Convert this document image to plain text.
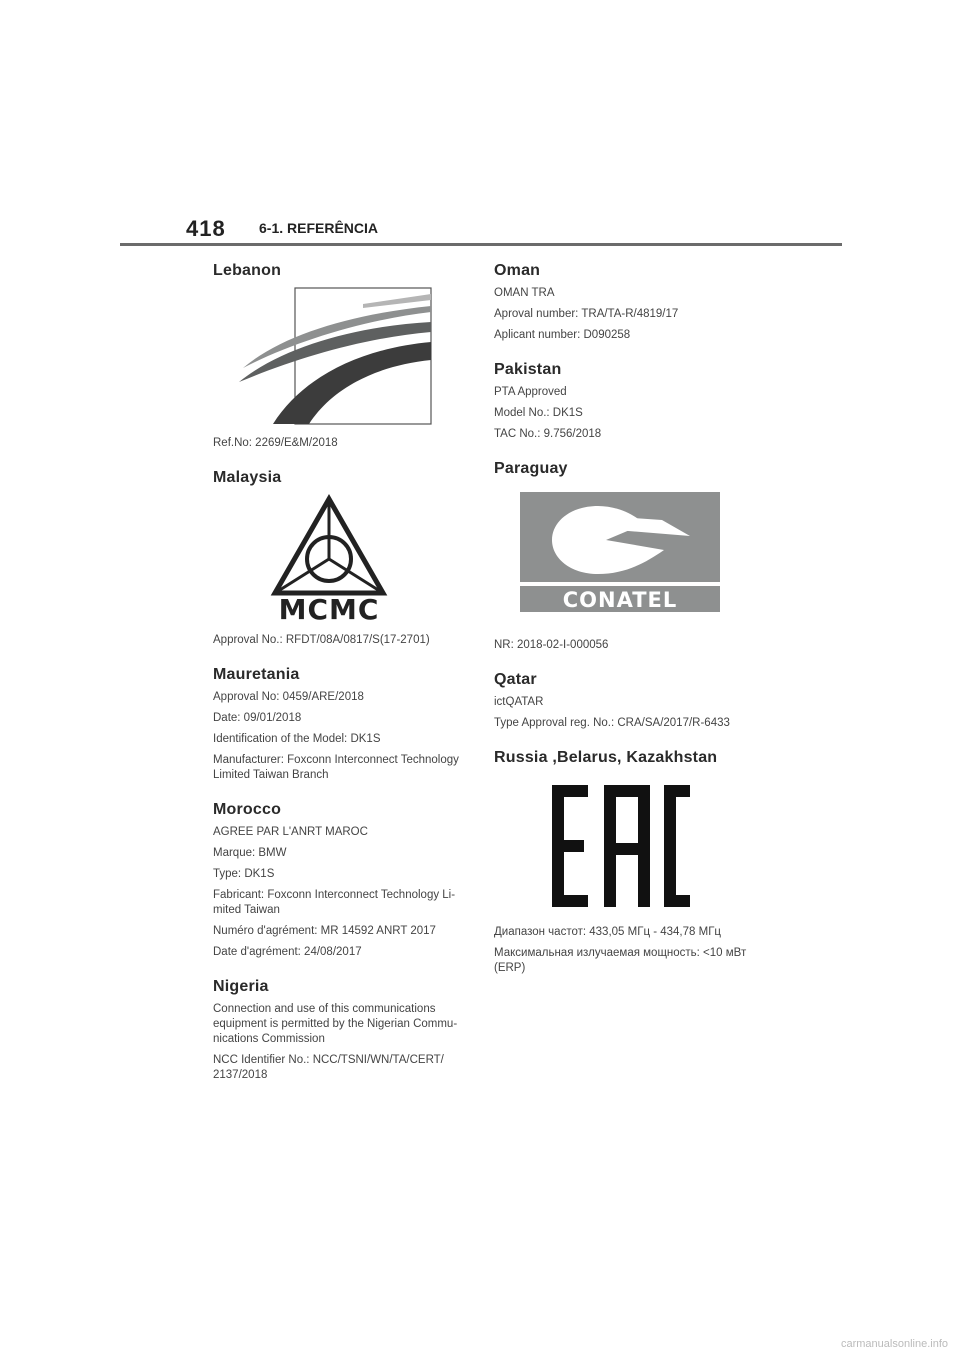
418 6-1. REFERÊNCIA
Lebanon

Ref.No: 2269/E&M/2018

Malaysia
MCMC

Approval No.: RFDT/08A/0817/S(17-2701)

Mauretania

Approval No: 0459/ARE/2018

Date: 09/01/2018

Identification of the Model: DK1S

Manufacturer: Foxconn Interconnect Technology Limited Taiwan Branch

Morocco

AGREE PAR L'ANRT MAROC

Marque: BMW

Type: DK1S

Fabricant: Foxconn Interconnect Technology Li-mited Taiwan

Numéro d'agrément: MR 14592 ANRT 2017

Date d'agrément: 24/08/2017

Nigeria

Connection and use of this communications equipment is permitted by the Nigerian Commu-nications Commission

NCC Identifier No.: NCC/TSNI/WN/TA/CERT/ 2137/2018

Oman

OMAN TRA

Aproval number: TRA/TA-R/4819/17

Aplicant number: D090258

Pakistan

PTA Approved

Model No.: DK1S

TAC No.: 9.756/2018

Paraguay
CONATEL

NR: 2018-02-I-000056

Qatar

ictQATAR

Type Approval reg. No.: CRA/SA/2017/R-6433

Russia ,Belarus, Kazakhstan

Диапазон частот: 433,05 МГц - 434,78 МГц

Максимальная излучаемая мощность: <10 мВт (ERP)

carmanualsonline.info
